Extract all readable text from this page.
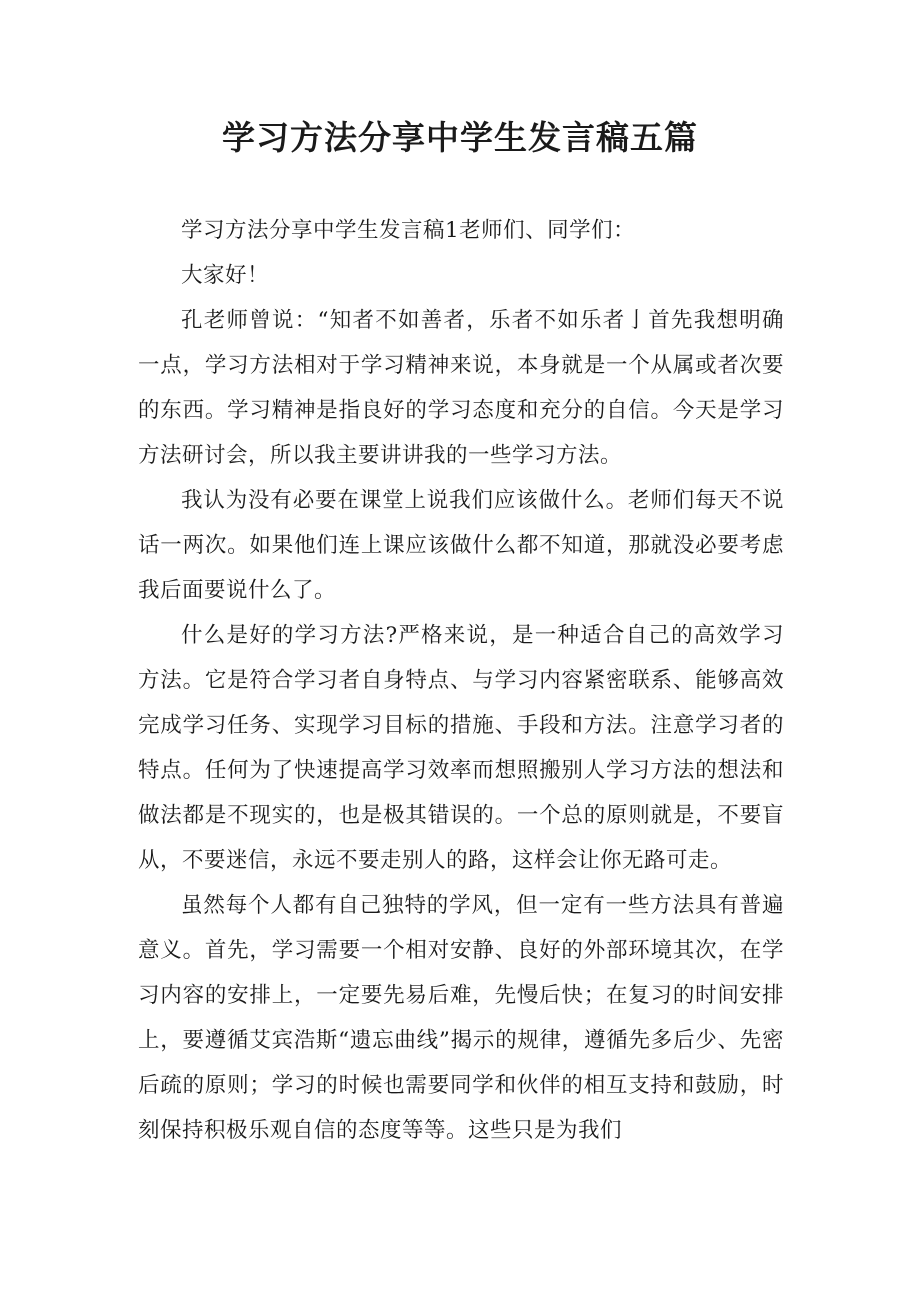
学习方法分享中学生发言稿五篇

学习方法分享中学生发言稿1老师们、同学们：

大家好！

孔老师曾说：“知者不如善者，乐者不如乐者亅首先我想明确一点，学习方法相对于学习精神来说，本身就是一个从属或者次要的东西。学习精神是指良好的学习态度和充分的自信。今天是学习方法研讨会，所以我主要讲讲我的一些学习方法。

我认为没有必要在课堂上说我们应该做什么。老师们每天不说话一两次。如果他们连上课应该做什么都不知道，那就没必要考虑我后面要说什么了。

什么是好的学习方法?严格来说，是一种适合自己的高效学习方法。它是符合学习者自身特点、与学习内容紧密联系、能够高效完成学习任务、实现学习目标的措施、手段和方法。注意学习者的特点。任何为了快速提高学习效率而想照搬别人学习方法的想法和做法都是不现实的，也是极其错误的。一个总的原则就是，不要盲从，不要迷信，永远不要走别人的路，这样会让你无路可走。

虽然每个人都有自己独特的学风，但一定有一些方法具有普遍意义。首先，学习需要一个相对安静、良好的外部环境其次，在学习内容的安排上，一定要先易后难，先慢后快；在复习的时间安排上，要遵循艾宾浩斯“遗忘曲线”揭示的规律，遵循先多后少、先密后疏的原则；学习的时候也需要同学和伙伴的相互支持和鼓励，时刻保持积极乐观自信的态度等等。这些只是为我们
